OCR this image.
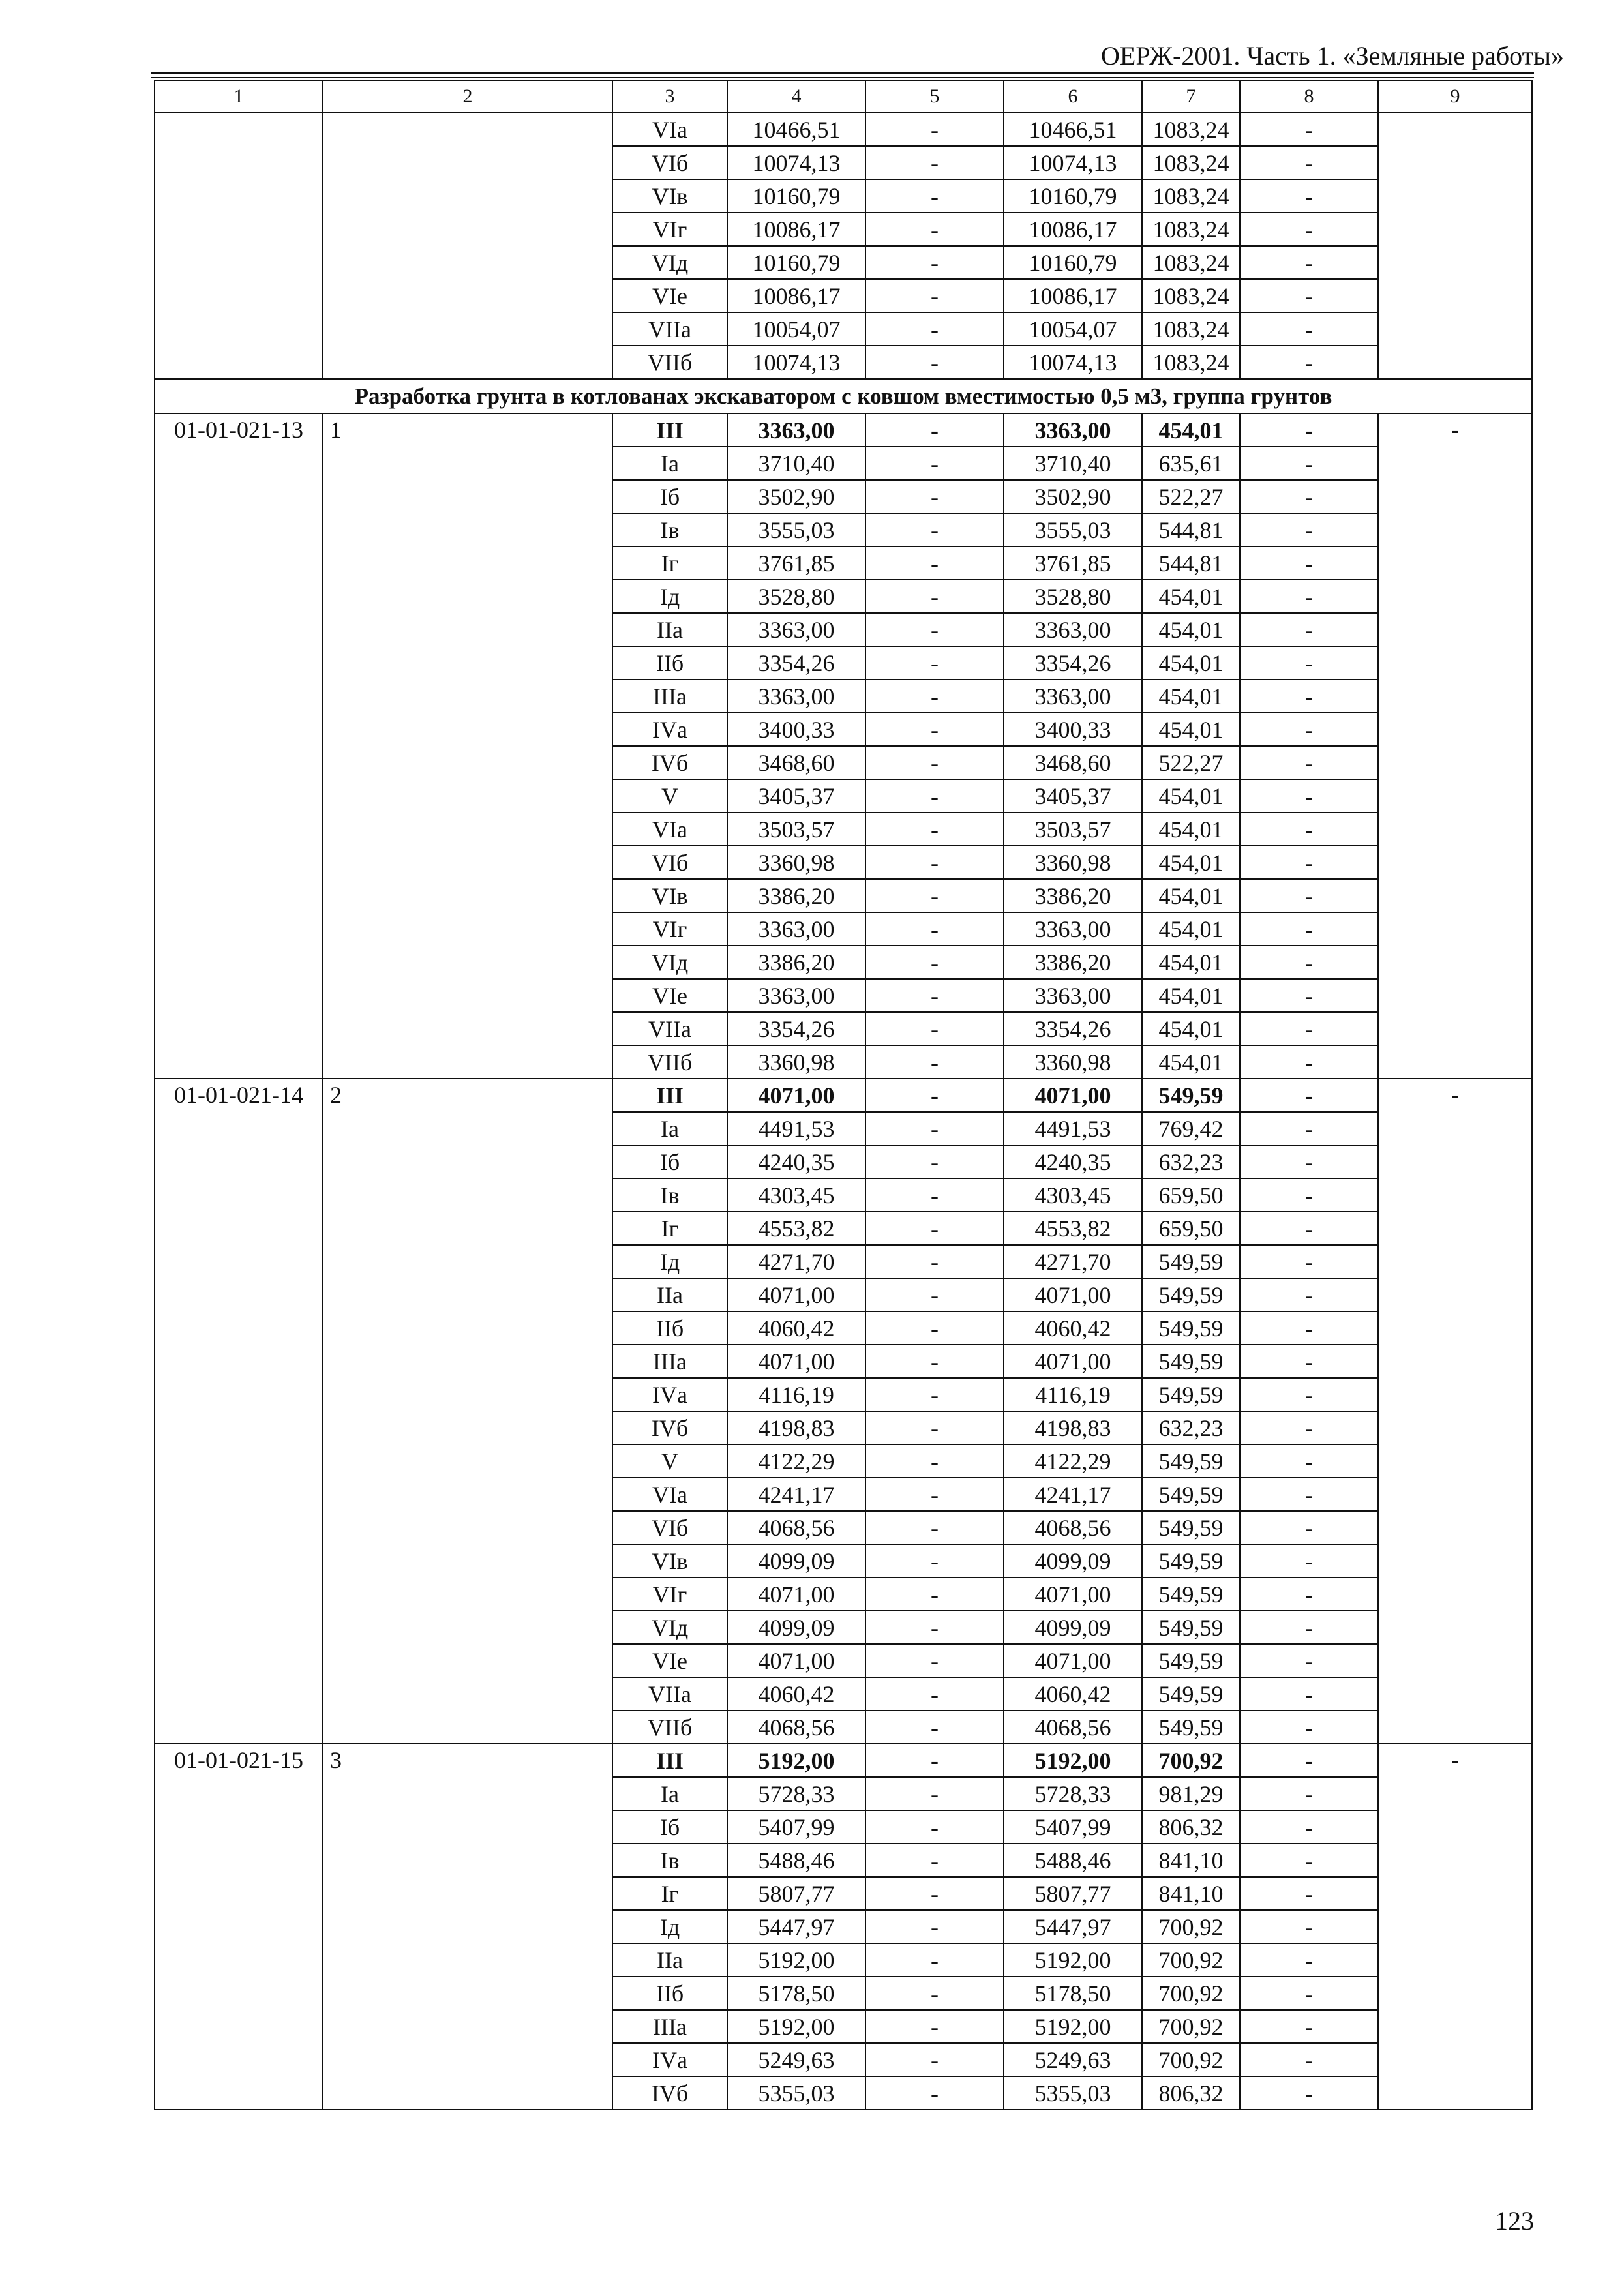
ОЕРЖ-2001. Часть 1. «Земляные работы»
1	2	3	4	5	6	7	8	9
		VIа	10466,51	-	10466,51	1083,24	-	
		VIб	10074,13	-	10074,13	1083,24	-	
		VIв	10160,79	-	10160,79	1083,24	-	
		VIг	10086,17	-	10086,17	1083,24	-	
		VIд	10160,79	-	10160,79	1083,24	-	
		VIе	10086,17	-	10086,17	1083,24	-	
		VIIа	10054,07	-	10054,07	1083,24	-	
		VIIб	10074,13	-	10074,13	1083,24	-	
Разработка грунта в котлованах экскаватором с ковшом вместимостью 0,5 м3, группа грунтов								
01-01-021-13	1	III	3363,00	-	3363,00	454,01	-	-
		Iа	3710,40	-	3710,40	635,61	-	
		Iб	3502,90	-	3502,90	522,27	-	
		Iв	3555,03	-	3555,03	544,81	-	
		Iг	3761,85	-	3761,85	544,81	-	
		Iд	3528,80	-	3528,80	454,01	-	
		IIа	3363,00	-	3363,00	454,01	-	
		IIб	3354,26	-	3354,26	454,01	-	
		IIIа	3363,00	-	3363,00	454,01	-	
		IVа	3400,33	-	3400,33	454,01	-	
		IVб	3468,60	-	3468,60	522,27	-	
		V	3405,37	-	3405,37	454,01	-	
		VIа	3503,57	-	3503,57	454,01	-	
		VIб	3360,98	-	3360,98	454,01	-	
		VIв	3386,20	-	3386,20	454,01	-	
		VIг	3363,00	-	3363,00	454,01	-	
		VIд	3386,20	-	3386,20	454,01	-	
		VIе	3363,00	-	3363,00	454,01	-	
		VIIа	3354,26	-	3354,26	454,01	-	
		VIIб	3360,98	-	3360,98	454,01	-	
01-01-021-14	2	III	4071,00	-	4071,00	549,59	-	-
		Iа	4491,53	-	4491,53	769,42	-	
		Iб	4240,35	-	4240,35	632,23	-	
		Iв	4303,45	-	4303,45	659,50	-	
		Iг	4553,82	-	4553,82	659,50	-	
		Iд	4271,70	-	4271,70	549,59	-	
		IIа	4071,00	-	4071,00	549,59	-	
		IIб	4060,42	-	4060,42	549,59	-	
		IIIа	4071,00	-	4071,00	549,59	-	
		IVа	4116,19	-	4116,19	549,59	-	
		IVб	4198,83	-	4198,83	632,23	-	
		V	4122,29	-	4122,29	549,59	-	
		VIа	4241,17	-	4241,17	549,59	-	
		VIб	4068,56	-	4068,56	549,59	-	
		VIв	4099,09	-	4099,09	549,59	-	
		VIг	4071,00	-	4071,00	549,59	-	
		VIд	4099,09	-	4099,09	549,59	-	
		VIе	4071,00	-	4071,00	549,59	-	
		VIIа	4060,42	-	4060,42	549,59	-	
		VIIб	4068,56	-	4068,56	549,59	-	
01-01-021-15	3	III	5192,00	-	5192,00	700,92	-	-
		Iа	5728,33	-	5728,33	981,29	-	
		Iб	5407,99	-	5407,99	806,32	-	
		Iв	5488,46	-	5488,46	841,10	-	
		Iг	5807,77	-	5807,77	841,10	-	
		Iд	5447,97	-	5447,97	700,92	-	
		IIа	5192,00	-	5192,00	700,92	-	
		IIб	5178,50	-	5178,50	700,92	-	
		IIIа	5192,00	-	5192,00	700,92	-	
		IVа	5249,63	-	5249,63	700,92	-	
		IVб	5355,03	-	5355,03	806,32	-	
123
